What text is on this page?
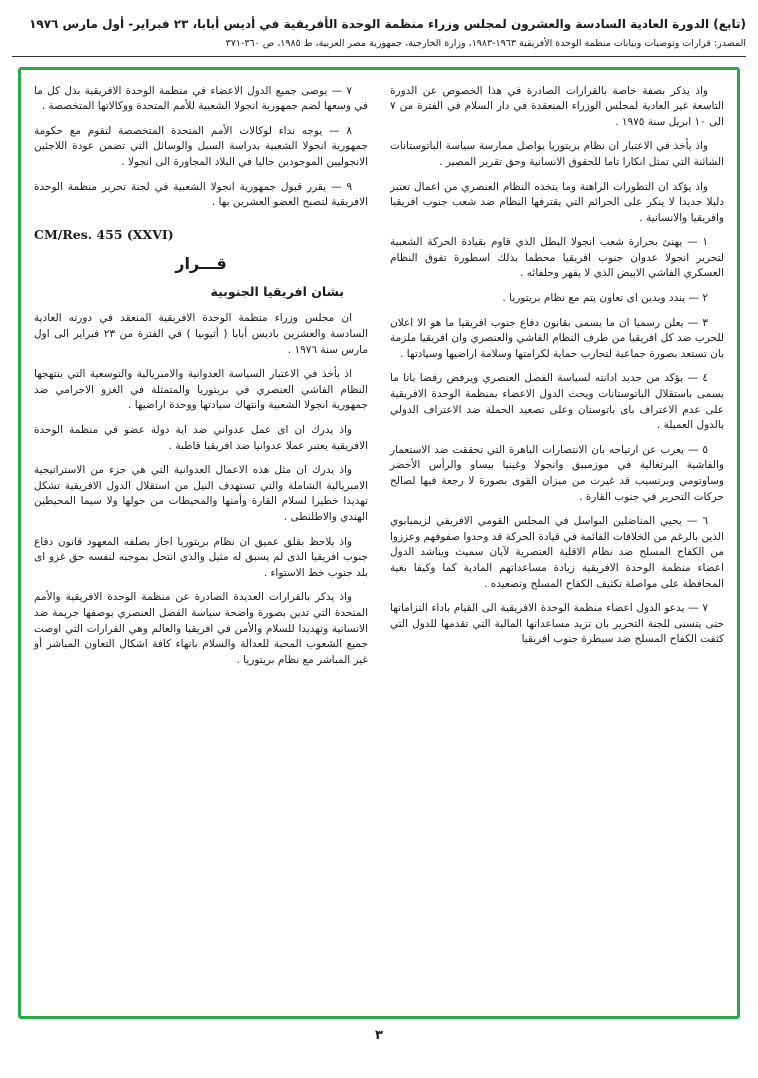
(تابع) الدورة العادية السادسة والعشرون لمجلس وزراء منظمة الوحدة الأفريقية في أديس أبابا، ٢٣ فبراير- أول مارس ١٩٧٦
المصدر: قرارات وتوصيات وبيانات منظمة الوحدة الأفريقية ١٩٦٣-١٩٨٣، وزارة الخارجية، جمهورية مصر العربية، ط ١٩٨٥، ص ٣٦٠-٣٧١

واذ يذكر بصفة خاصة بالقرارات الصادرة في هذا الخصوص عن الدورة التاسعة غير العادية لمجلس الوزراء المنعقدة في دار السلام في الفترة من ٧ الى ١٠ ابريل سنة ١٩٧٥ .

واذ يأخذ في الاعتبار ان نظام بريتوريا يواصل ممارسة سياسة الباتوستانات الشائنة التي تمثل انكارا تاما للحقوق الانسانية وحق تقرير المصير .

واذ يؤكد ان التطورات الراهنة وما يتخذه النظام العنصري من اعمال تعتبر دليلا جديدا لا ينكر على الجرائم التي يقترفها النظام ضد شعب جنوب افريقيا وافريقيا والانسانية .

١ — يهنئ بحرارة شعب انجولا البطل الذي قاوم بقيادة الحركة الشعبية لتحرير انجولا عدوان جنوب افريقيا محطما بذلك اسطورة تفوق النظام العسكري الفاشي الابيض الذي لا يقهر وحلفائه .

٢ — يندد ويدين اى تعاون يتم مع نظام بريتوريا .

٣ — يعلن رسميا ان ما يسمى بقانون دفاع جنوب افريقيا ما هو الا اعلان للحرب ضد كل افريقيا من طرف النظام الفاشي والعنصري وان افريقيا ملزمة بان تستعد بصورة جماعية لتحارب حماية لكرامتها وسلامة اراضيها وسيادتها .

٤ — يؤكد من جديد ادانته لسياسة الفصل العنصري ويرفض رفضا باتا ما يسمى باستقلال الباتوستانات ويحث الدول الاعضاء بمنظمة الوحدة الافريقية على عدم الاعتراف باى باتوستان وعلى تصعيد الحملة ضد الاعتراف الدولي بالدول العميلة .

٥ — يعرب عن ارتياحه بان الانتصارات الباهرة التي تحققت ضد الاستعمار والفاشية البرتغالية في موزمبيق وانجولا وغينيا بيساو والرأس الأخضر وساوتومي وبرنسيب قد غيرت من ميزان القوى بصورة لا رجعة فيها لصالح حركات التحرير في جنوب القارة .

٦ — يحيي المناضلين البواسل في المجلس القومي الافريقي لزيمبابوي الذين بالرغم من الخلافات القائمة في قيادة الحركة قد وحدوا صفوفهم وعززوا من الكفاح المسلح ضد نظام الاقلية العنصرية لآيان سميث ويناشد الدول اعضاء منظمة الوحدة الافريقية زيادة مساعداتهم المادية كما وكيفا بغية المحافظة على مواصلة تكثيف الكفاح المسلح وتصعيده .

٧ — يدعو الدول اعضاء منظمة الوحدة الافريقية الى القيام باداء التزاماتها حتى يتسنى للجنة التحرير بان تزيد مساعداتها المالية التي تقدمها للدول التي كثفت الكفاح المسلح ضد سيطرة جنوب افريقيا

٧ — يوصى جميع الدول الاعضاء في منظمة الوحدة الافريقية بذل كل ما في وسعها لضم جمهورية انجولا الشعبية للأمم المتحدة ووكالاتها المتخصصة .

٨ — يوجه نداء لوكالات الأمم المتحدة المتخصصة لتقوم مع حكومة جمهورية انجولا الشعبية بدراسة السبل والوسائل التي تضمن عودة اللاجئين الانجوليين الموجودين حاليا في البلاد المجاورة الى انجولا .

٩ — يقرر قبول جمهورية انجولا الشعبية في لجنة تحرير منظمة الوحدة الافريقية لتصبح العضو العشرين بها .

CM/Res. 455 (XXVI)
قـــرار
بشان افريقيا الجنوبية

ان مجلس وزراء منظمة الوحدة الافريقية المنعقد في دورته العادية السادسة والعشرين باديس أبابا ( أثيوبيا ) في الفترة من ٢٣ فبراير الى اول مارس سنة ١٩٧٦ .

اذ يأخذ في الاعتبار السياسة العدوانية والامبريالية والتوسعية التي ينتهجها النظام الفاشي العنصري في بريتوريا والمتمثلة في الغزو الاجرامي ضد جمهورية انجولا الشعبية وانتهاك سيادتها ووحدة اراضيها .

واذ يدرك ان اى عمل عدواني ضد اية دولة عضو في منظمة الوحدة الافريقية يعتبر عملا عدوانيا ضد افريقيا قاطبة .

واذ يدرك ان مثل هذه الاعمال العدوانية التي هي جزء من الاستراتيجية الامبريالية الشاملة والتي تستهدف النيل من استقلال الدول الافريقية تشكل تهديدا خطيرا لسلام القارة وأمنها والمحيطات من حولها ولا سيما المحيطين الهندي والاطلنطى .

واذ يلاحظ بقلق عميق ان نظام بريتوريا اجاز بصلفه المعهود قانون دفاع جنوب افريقيا الذى لم يسبق له مثيل والذي انتحل بموجبه لنفسه حق غزو اى بلد جنوب خط الاستواء .

واذ يذكر بالقرارات العديدة الصادرة عن منظمة الوحدة الافريقية والأمم المتحدة التي تدين بصورة واضحة سياسة الفصل العنصري بوصفها جريمة ضد الانسانية وتهديدا للسلام والأمن في افريقيا والعالم وهي القرارات التي اوصت جميع الشعوب المحبة للعدالة والسلام بانهاء كافة اشكال التعاون المباشر أو غير المباشر مع نظام بريتوريا .

٣
